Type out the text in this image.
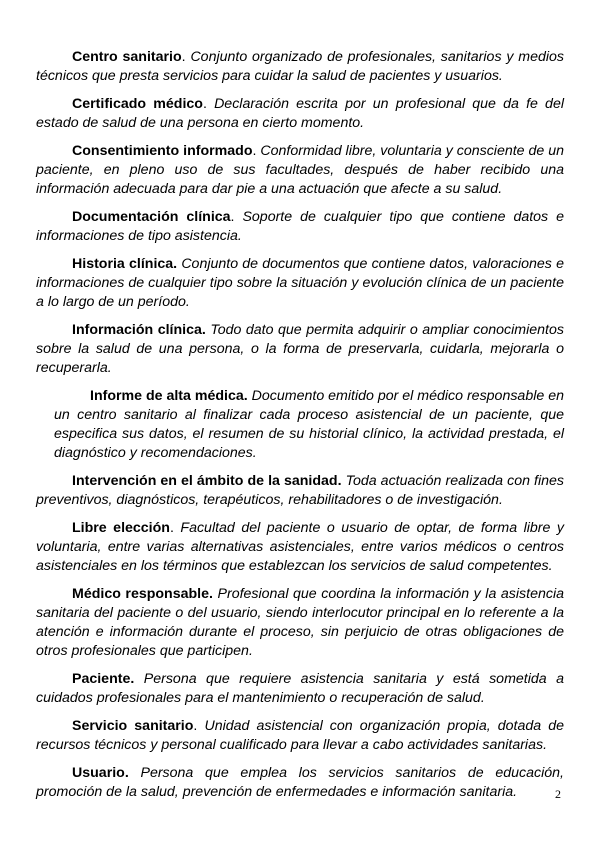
Centro sanitario. Conjunto organizado de profesionales, sanitarios y medios técnicos que presta servicios para cuidar la salud de pacientes y usuarios.

Certificado médico. Declaración escrita por un profesional que da fe del estado de salud de una persona en cierto momento.

Consentimiento informado. Conformidad libre, voluntaria y consciente de un paciente, en pleno uso de sus facultades, después de haber recibido una información adecuada para dar pie a una actuación que afecte a su salud.

Documentación clínica. Soporte de cualquier tipo que contiene datos e informaciones de tipo asistencia.

Historia clínica. Conjunto de documentos que contiene datos, valoraciones e informaciones de cualquier tipo sobre la situación y evolución clínica de un paciente a lo largo de un período.

Información clínica. Todo dato que permita adquirir o ampliar conocimientos sobre la salud de una persona, o la forma de preservarla, cuidarla, mejorarla o recuperarla.

Informe de alta médica. Documento emitido por el médico responsable en un centro sanitario al finalizar cada proceso asistencial de un paciente, que especifica sus datos, el resumen de su historial clínico, la actividad prestada, el diagnóstico y recomendaciones.

Intervención en el ámbito de la sanidad. Toda actuación realizada con fines preventivos, diagnósticos, terapéuticos, rehabilitadores o de investigación.

Libre elección. Facultad del paciente o usuario de optar, de forma libre y voluntaria, entre varias alternativas asistenciales, entre varios médicos o centros asistenciales en los términos que establezcan los servicios de salud competentes.

Médico responsable. Profesional que coordina la información y la asistencia sanitaria del paciente o del usuario, siendo interlocutor principal en lo referente a la atención e información durante el proceso, sin perjuicio de otras obligaciones de otros profesionales que participen.

Paciente. Persona que requiere asistencia sanitaria y está sometida a cuidados profesionales para el mantenimiento o recuperación de salud.

Servicio sanitario. Unidad asistencial con organización propia, dotada de recursos técnicos y personal cualificado para llevar a cabo actividades sanitarias.

Usuario. Persona que emplea los servicios sanitarios de educación, promoción de la salud, prevención de enfermedades e información sanitaria.	2
